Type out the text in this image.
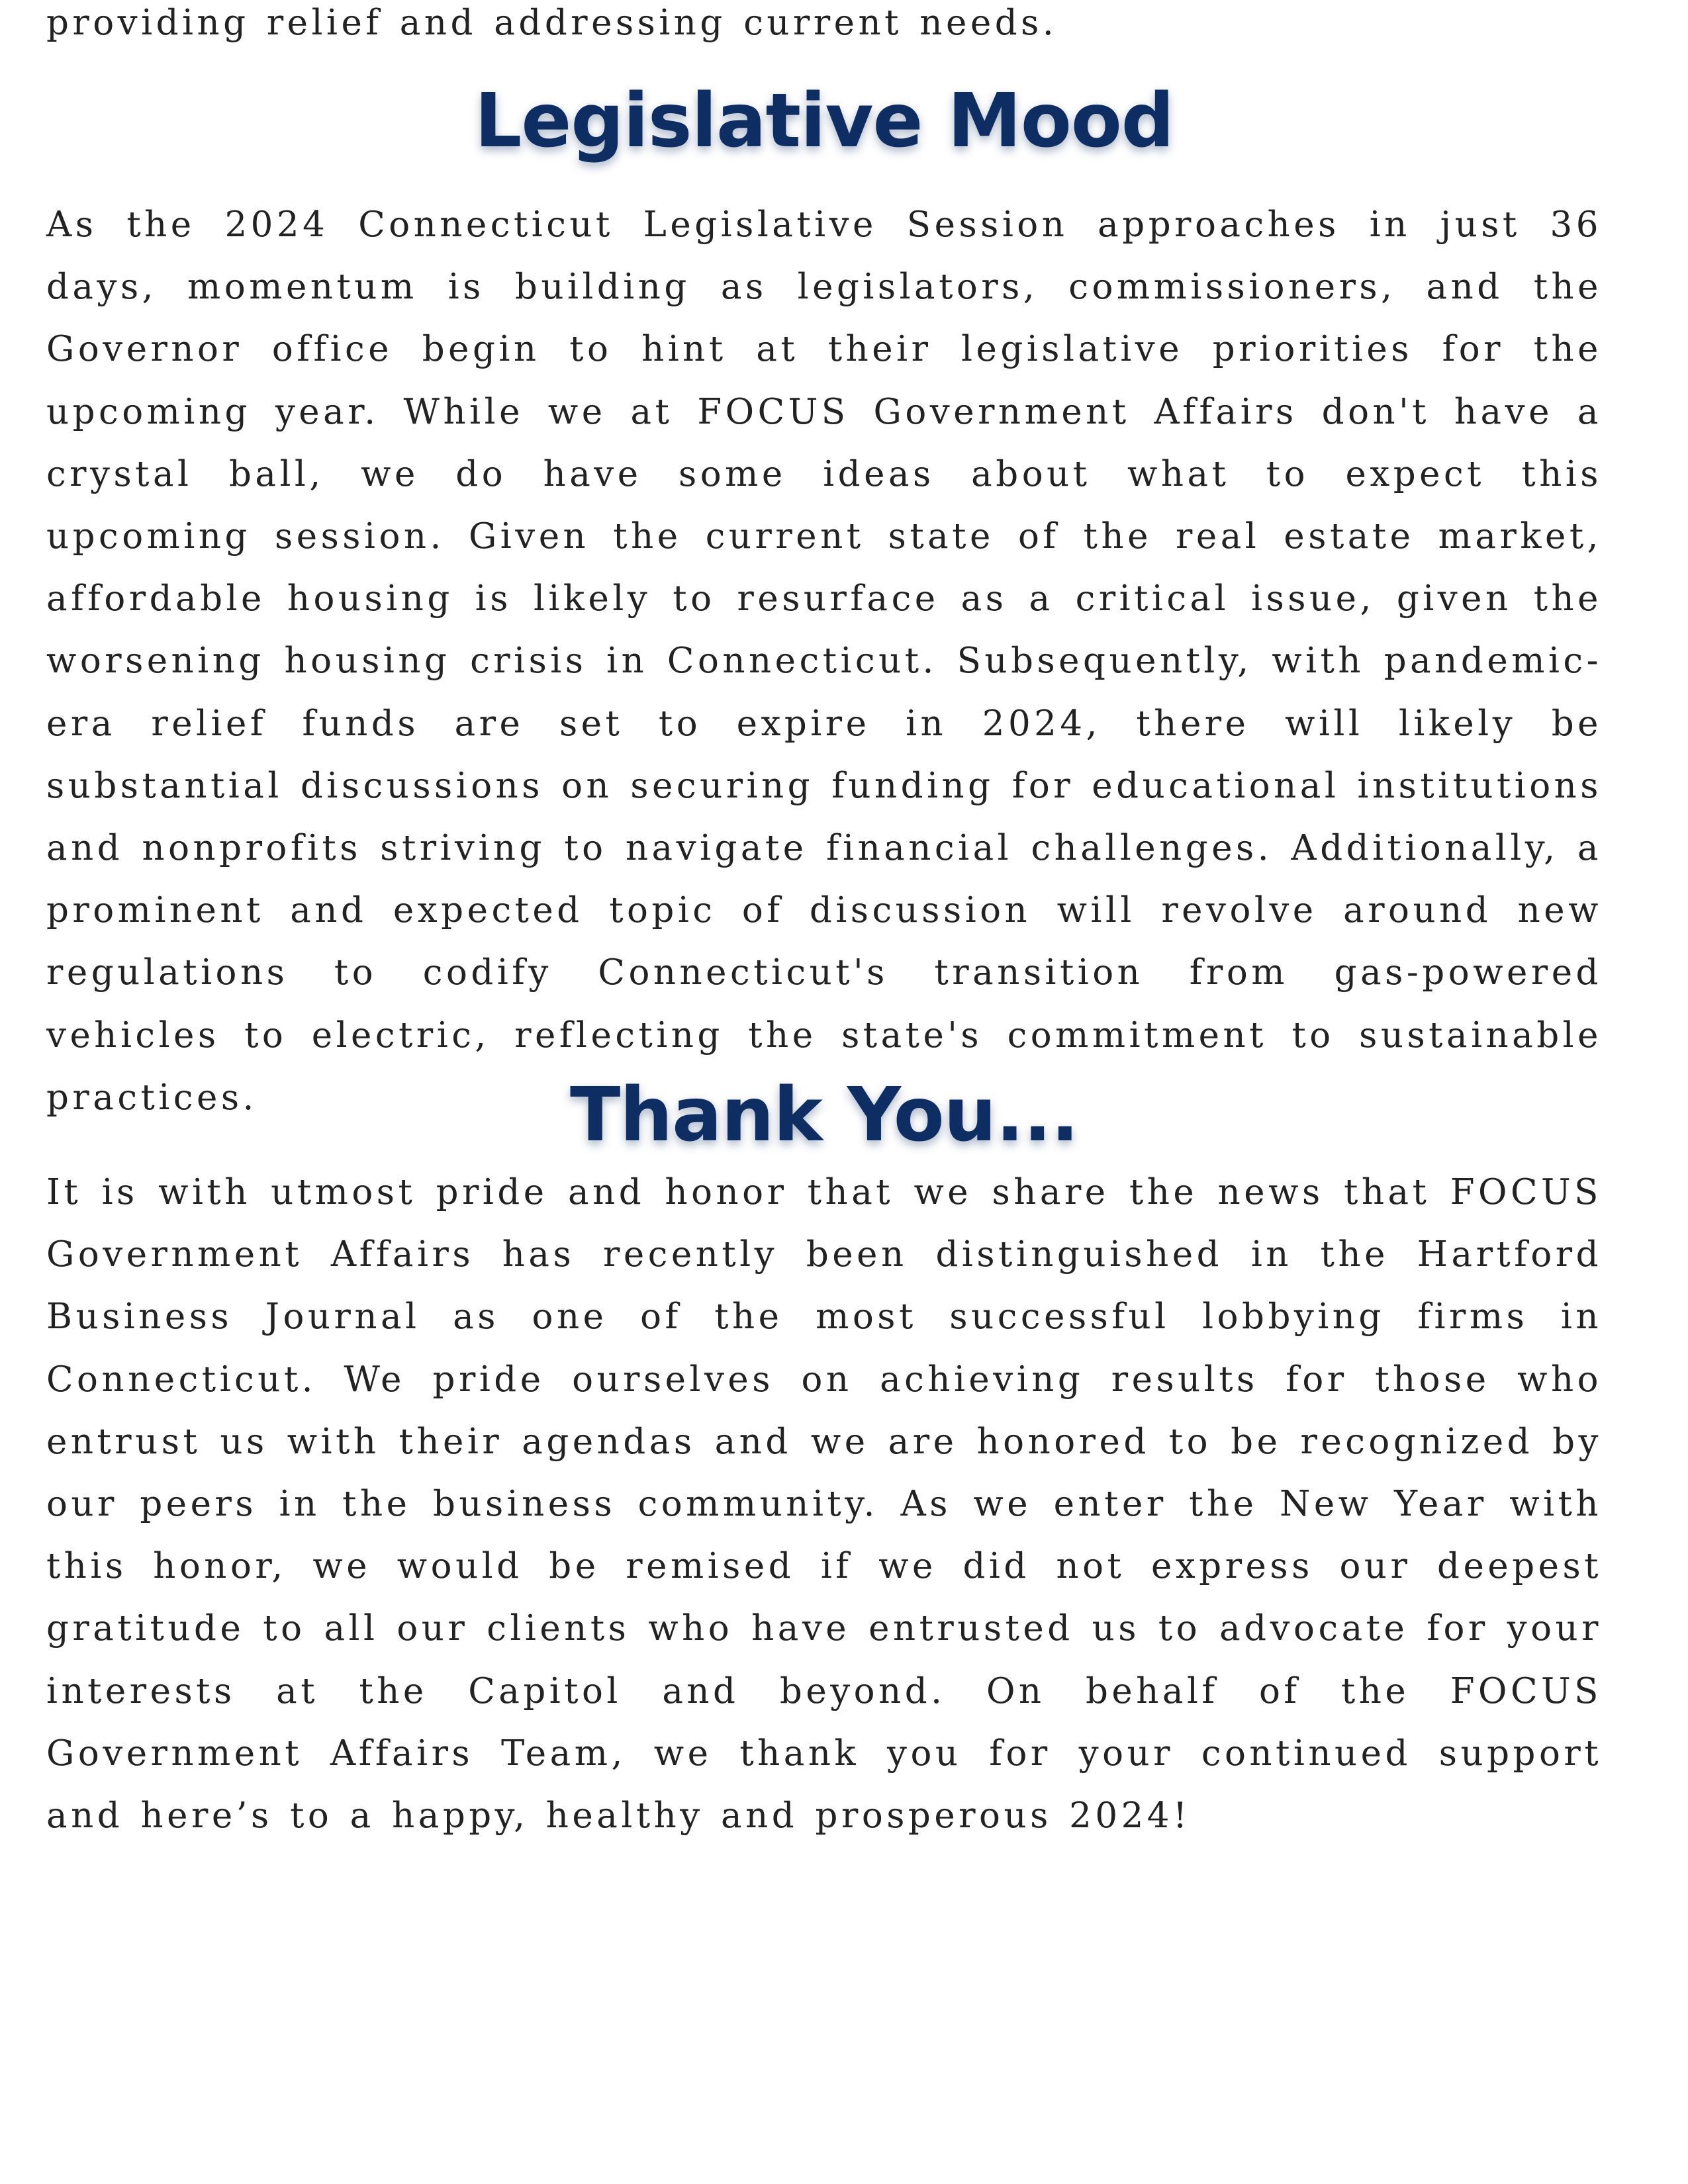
providing relief and addressing current needs.

Legislative Mood

As the 2024 Connecticut Legislative Session approaches in just 36 days, momentum is building as legislators, commissioners, and the Governor office begin to hint at their legislative priorities for the upcoming year. While we at FOCUS Government Affairs don't have a crystal ball, we do have some ideas about what to expect this upcoming session. Given the current state of the real estate market, affordable housing is likely to resurface as a critical issue, given the worsening housing crisis in Connecticut. Subsequently, with pandemic-era relief funds are set to expire in 2024, there will likely be substantial discussions on securing funding for educational institutions and nonprofits striving to navigate financial challenges. Additionally, a prominent and expected topic of discussion will revolve around new regulations to codify Connecticut's transition from gas-powered vehicles to electric, reflecting the state's commitment to sustainable practices.	Thank You...

It is with utmost pride and honor that we share the news that FOCUS Government Affairs has recently been distinguished in the Hartford Business Journal as one of the most successful lobbying firms in Connecticut. We pride ourselves on achieving results for those who entrust us with their agendas and we are honored to be recognized by our peers in the business community. As we enter the New Year with this honor, we would be remised if we did not express our deepest gratitude to all our clients who have entrusted us to advocate for your interests at the Capitol and beyond. On behalf of the FOCUS Government Affairs Team, we thank you for your continued support and here’s to a happy, healthy and prosperous 2024!
